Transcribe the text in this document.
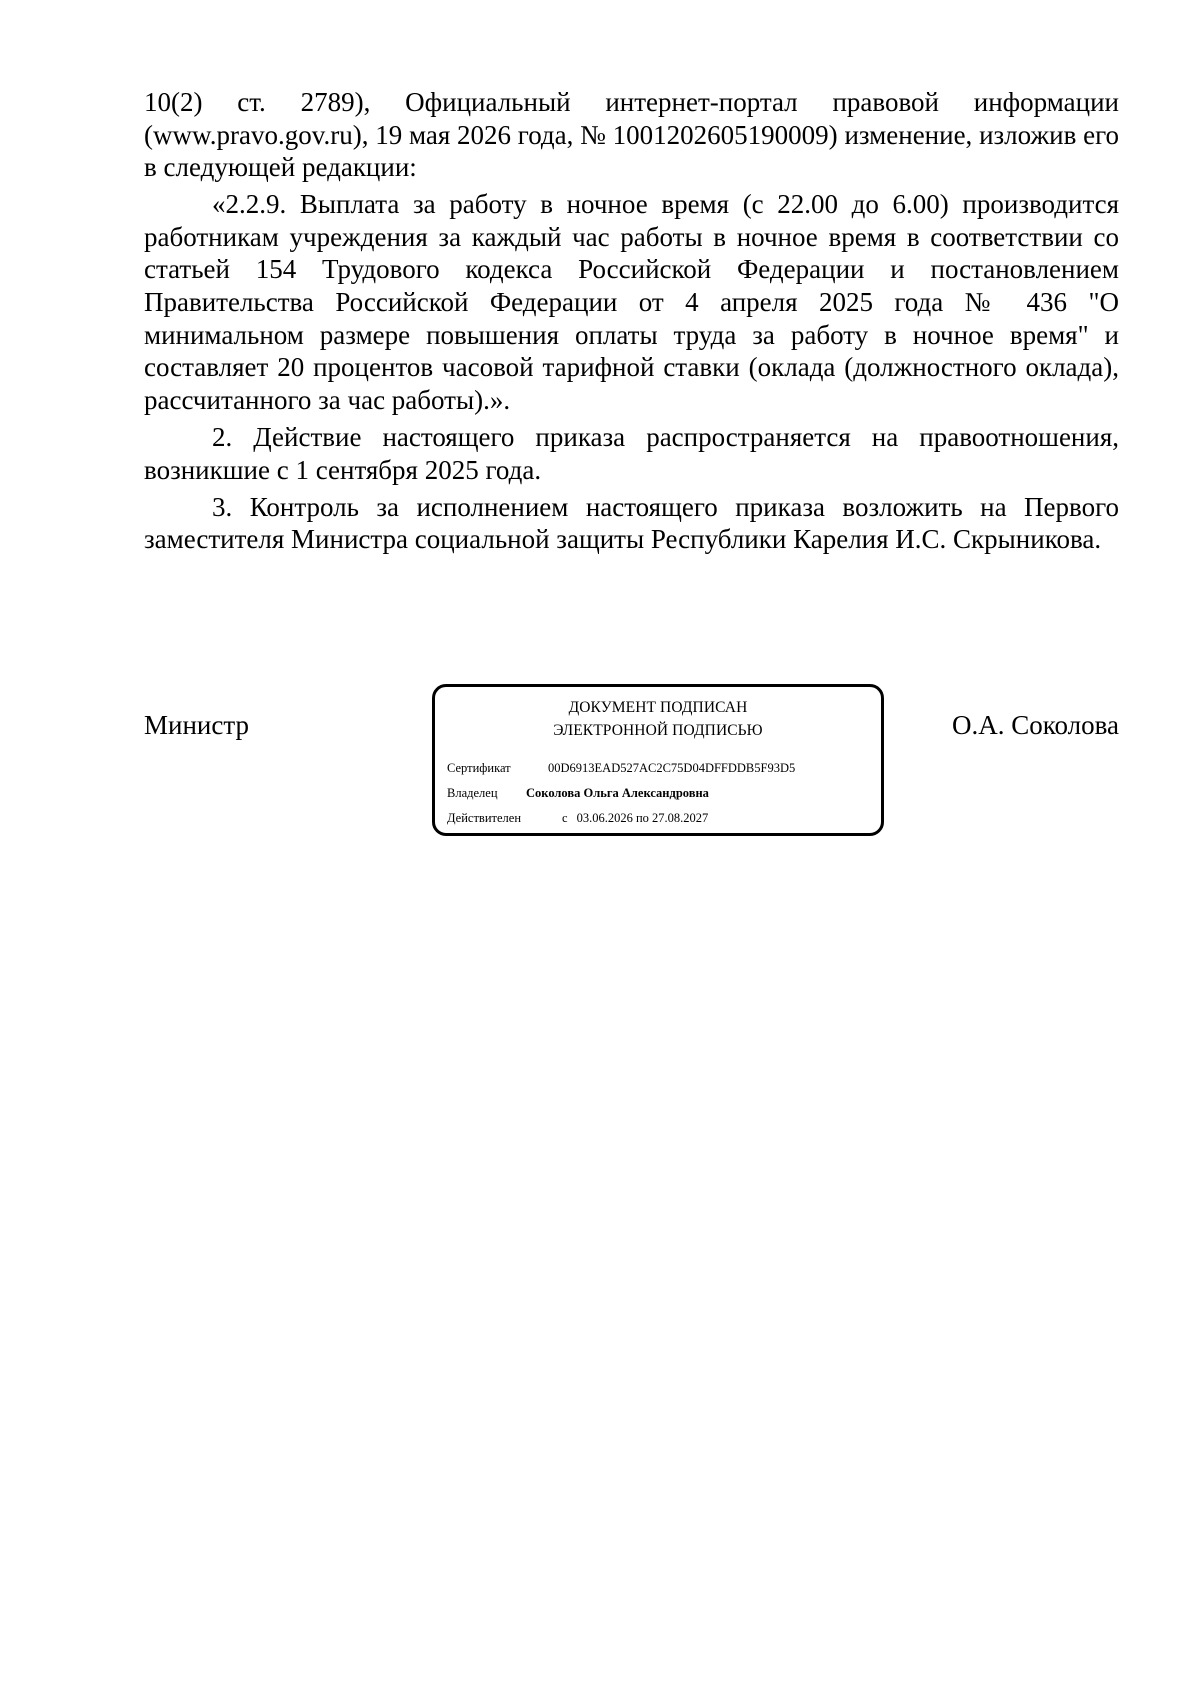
10(2) ст. 2789), Официальный интернет-портал правовой информации (www.pravo.gov.ru), 19 мая 2026 года, № 1001202605190009) изменение, изложив его в следующей редакции:

«2.2.9. Выплата за работу в ночное время (с 22.00 до 6.00) производится работникам учреждения за каждый час работы в ночное время в соответствии со статьей 154 Трудового кодекса Российской Федерации и постановлением Правительства Российской Федерации от 4 апреля 2025 года № 436 "О минимальном размере повышения оплаты труда за работу в ночное время" и составляет 20 процентов часовой тарифной ставки (оклада (должностного оклада), рассчитанного за час работы).».

2. Действие настоящего приказа распространяется на правоотношения, возникшие с 1 сентября 2025 года.

3. Контроль за исполнением настоящего приказа возложить на Первого заместителя Министра социальной защиты Республики Карелия И.С. Скрыникова.

Министр
ДОКУМЕНТ ПОДПИСАН
ЭЛЕКТРОННОЙ ПОДПИСЬЮ
Сертификат	00D6913EAD527AC2C75D04DFFDDB5F93D5
Владелец Соколова Ольга Александровна
Действителен	с 03.06.2026 по 27.08.2027
О.А. Соколова
